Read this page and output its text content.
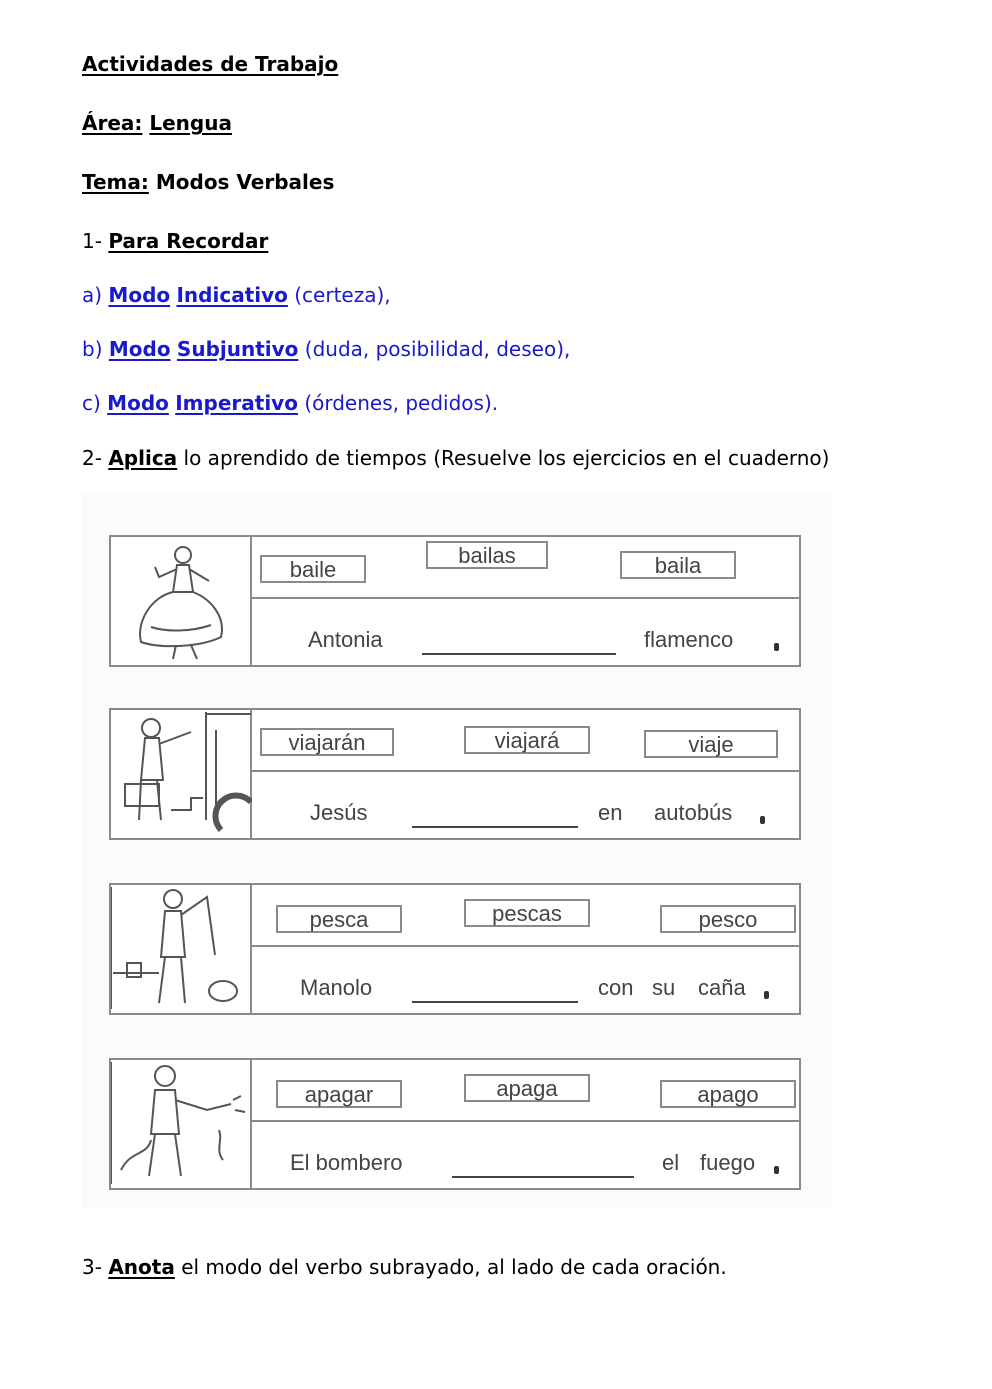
Actividades de Trabajo
Área: Lengua
Tema: Modos Verbales
1- Para Recordar
a) Modo Indicativo (certeza),
b) Modo Subjuntivo (duda, posibilidad, deseo),
c) Modo Imperativo (órdenes, pedidos).
2- Aplica lo aprendido de tiempos (Resuelve los ejercicios en el cuaderno)
baile
bailas	baila
Antonia	flamenco
viajarán	viajará	viaje
Jesús	en autobús
pesca	pescas	pesco
Manolo	con su caña
apagar	apaga	apago
El bombero	el fuego
3- Anota el modo del verbo subrayado, al lado de cada oración.
